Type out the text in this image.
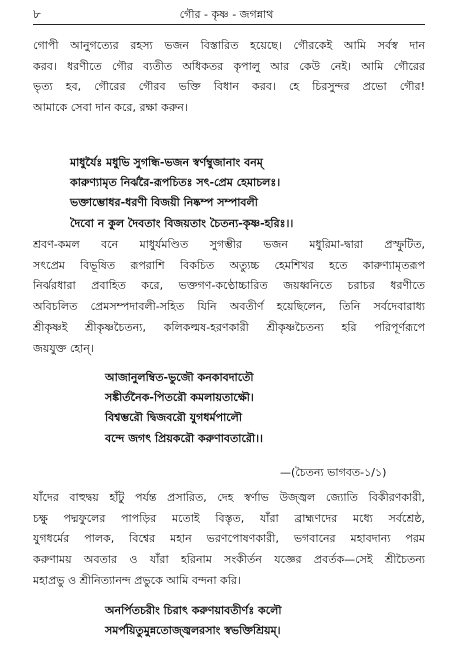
৮	গৌর - কৃষ্ণ - জগন্নাথ
গোপী আনুগত্যের রহস্য ভজন বিস্তারিত হয়েছে। গৌরকেই আমি সর্বস্ব দান
করব। ধরণীতে গৌর ব্যতীত অধিকতর কৃপালু আর কেউ নেই। আমি গৌরের
ভৃত্য হব, গৌরের গৌরব ভক্তি বিধান করব। হে চিরসুন্দর প্রভো গৌর!
আমাকে সেবা দান করে, রক্ষা করুন।
মাধুর্যৈঃ মধুভি সুগন্ধি-ভজন স্বর্ণম্বুজানাং বনম্
কারুণ্যামৃত নির্ঝরৈ-রূপচিতঃ সৎ-প্রেম হেমাচলঃ।
ভক্তাম্ভোধর-ধরণী বিজয়ী নিষ্কম্প সম্পাবলী
দৈবো ন কুল দৈবতাং বিজয়তাং চৈতন্য-কৃষ্ণ-হরিঃ।।
শ্রবণ-কমল বনে মাধুর্যমণ্ডিত সুগম্ভীর ভজন মধুরিমা-দ্বারা প্রস্ফুটিত,
সৎপ্রেম বিভূষিত রূপরাশি বিকচিত অত্যুচ্চ হেমশিখর হতে কারুণ্যামৃতরূপ
নির্ঝরধারা প্রবাহিত করে, ভক্তগণ-কণ্ঠোচ্চারিত জয়ধ্বনিতে চরাচর ধরণীতে
অবিচলিত প্রেমসম্পদাবলী-সহিত যিনি অবতীর্ণ হয়েছিলেন, তিনি সর্বদেবারাধ্য
শ্রীকৃষ্ণই শ্রীকৃষ্ণচৈতন্য, কলিকল্মষ-হরণকারী শ্রীকৃষ্ণচৈতন্য হরি পরিপূর্ণরূপে
জয়যুক্ত হোন্।
আজানুলম্বিত-ভুজৌ কনকাবদাতৌ
সঙ্কীর্তনৈক-পিতরৌ কমলায়তাক্ষৌ।
বিশ্বম্ভরৌ দ্বিজবরৌ যুগধর্মপালৌ
বন্দে জগৎ প্রিয়করৌ করুণাবতারৌ।।
—(চৈতন্য ভাগবত-১/১)
যাঁদের বাহুদ্বয় হাঁটু পর্যন্ত প্রসারিত, দেহ স্বর্ণাভ উজ্জ্বল জ্যোতি বিকীরণকারী,
চক্ষু পদ্মফুলের পাপড়ির মতোই বিস্তৃত, যাঁরা ব্রাহ্মণদের মধ্যে সর্বশ্রেষ্ঠ,
যুগধর্মের পালক, বিশ্বের মহান ভরণপোষণকারী, ভগবানের মহাবদান্য পরম
করুণাময় অবতার ও যাঁরা হরিনাম সংকীর্তন যজ্ঞের প্রবর্তক—সেই শ্রীচৈতন্য
মহাপ্রভু ও শ্রীনিত্যানন্দ প্রভুকে আমি বন্দনা করি।
অনর্পিতচরীং চিরাৎ করুণয়াবতীর্ণঃ কলৌ
সমর্পয়িতুমুন্নতোজ্জ্বলরসাং স্বভক্তিশ্রিয়ম্।
